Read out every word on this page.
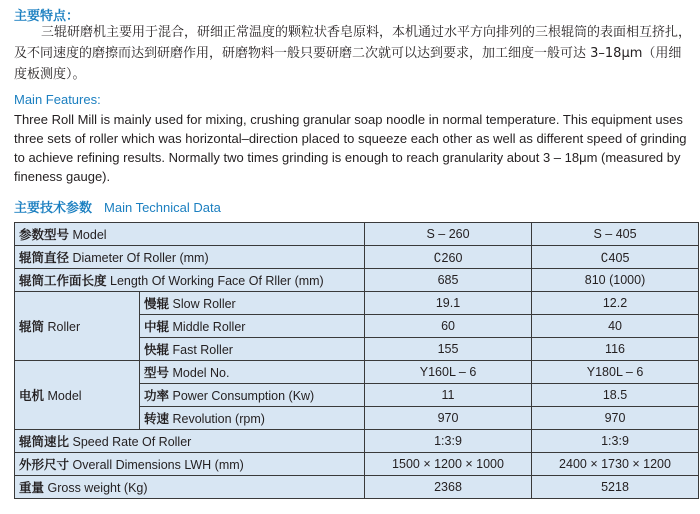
主要特点：

三辊研磨机主要用于混合，研细正常温度的颗粒状香皂原料，本机通过水平方向排列的三根辊筒的表面相互挤扎，及不同速度的磨擦而达到研磨作用，研磨物料一般只要研磨二次就可以达到要求，加工细度一般可达 3–18μm（用细度板测度）。

Main Features:

Three Roll Mill is mainly used for mixing, crushing granular soap noodle in normal temperature. This equipment uses three sets of roller which was horizontal–direction placed to squeeze each other as well as different speed of grinding to achieve refining results. Normally two times grinding is enough to reach granularity about 3 – 18μm (measured by fineness gauge).

主要技术参数 Main Technical Data
参数型号 Model		S – 260	S – 405
辊筒直径 Diameter Of Roller (mm)		∁260	∁405
辊筒工作面长度 Length Of Working Face Of Rller (mm)		685	810 (1000)
辊筒 Roller	慢辊 Slow Roller	19.1	12.2
	中辊 Middle Roller	60	40
	快辊 Fast Roller	155	116
电机 Model	型号 Model No.	Y160L – 6	Y180L – 6
	功率 Power Consumption (Kw)	11	18.5
	转速 Revolution (rpm)	970	970
辊筒速比 Speed Rate Of Roller		1:3:9	1:3:9
外形尺寸 Overall Dimensions LWH (mm)		1500 × 1200 × 1000	2400 × 1730 × 1200
重量 Gross weight (Kg)		2368	5218
